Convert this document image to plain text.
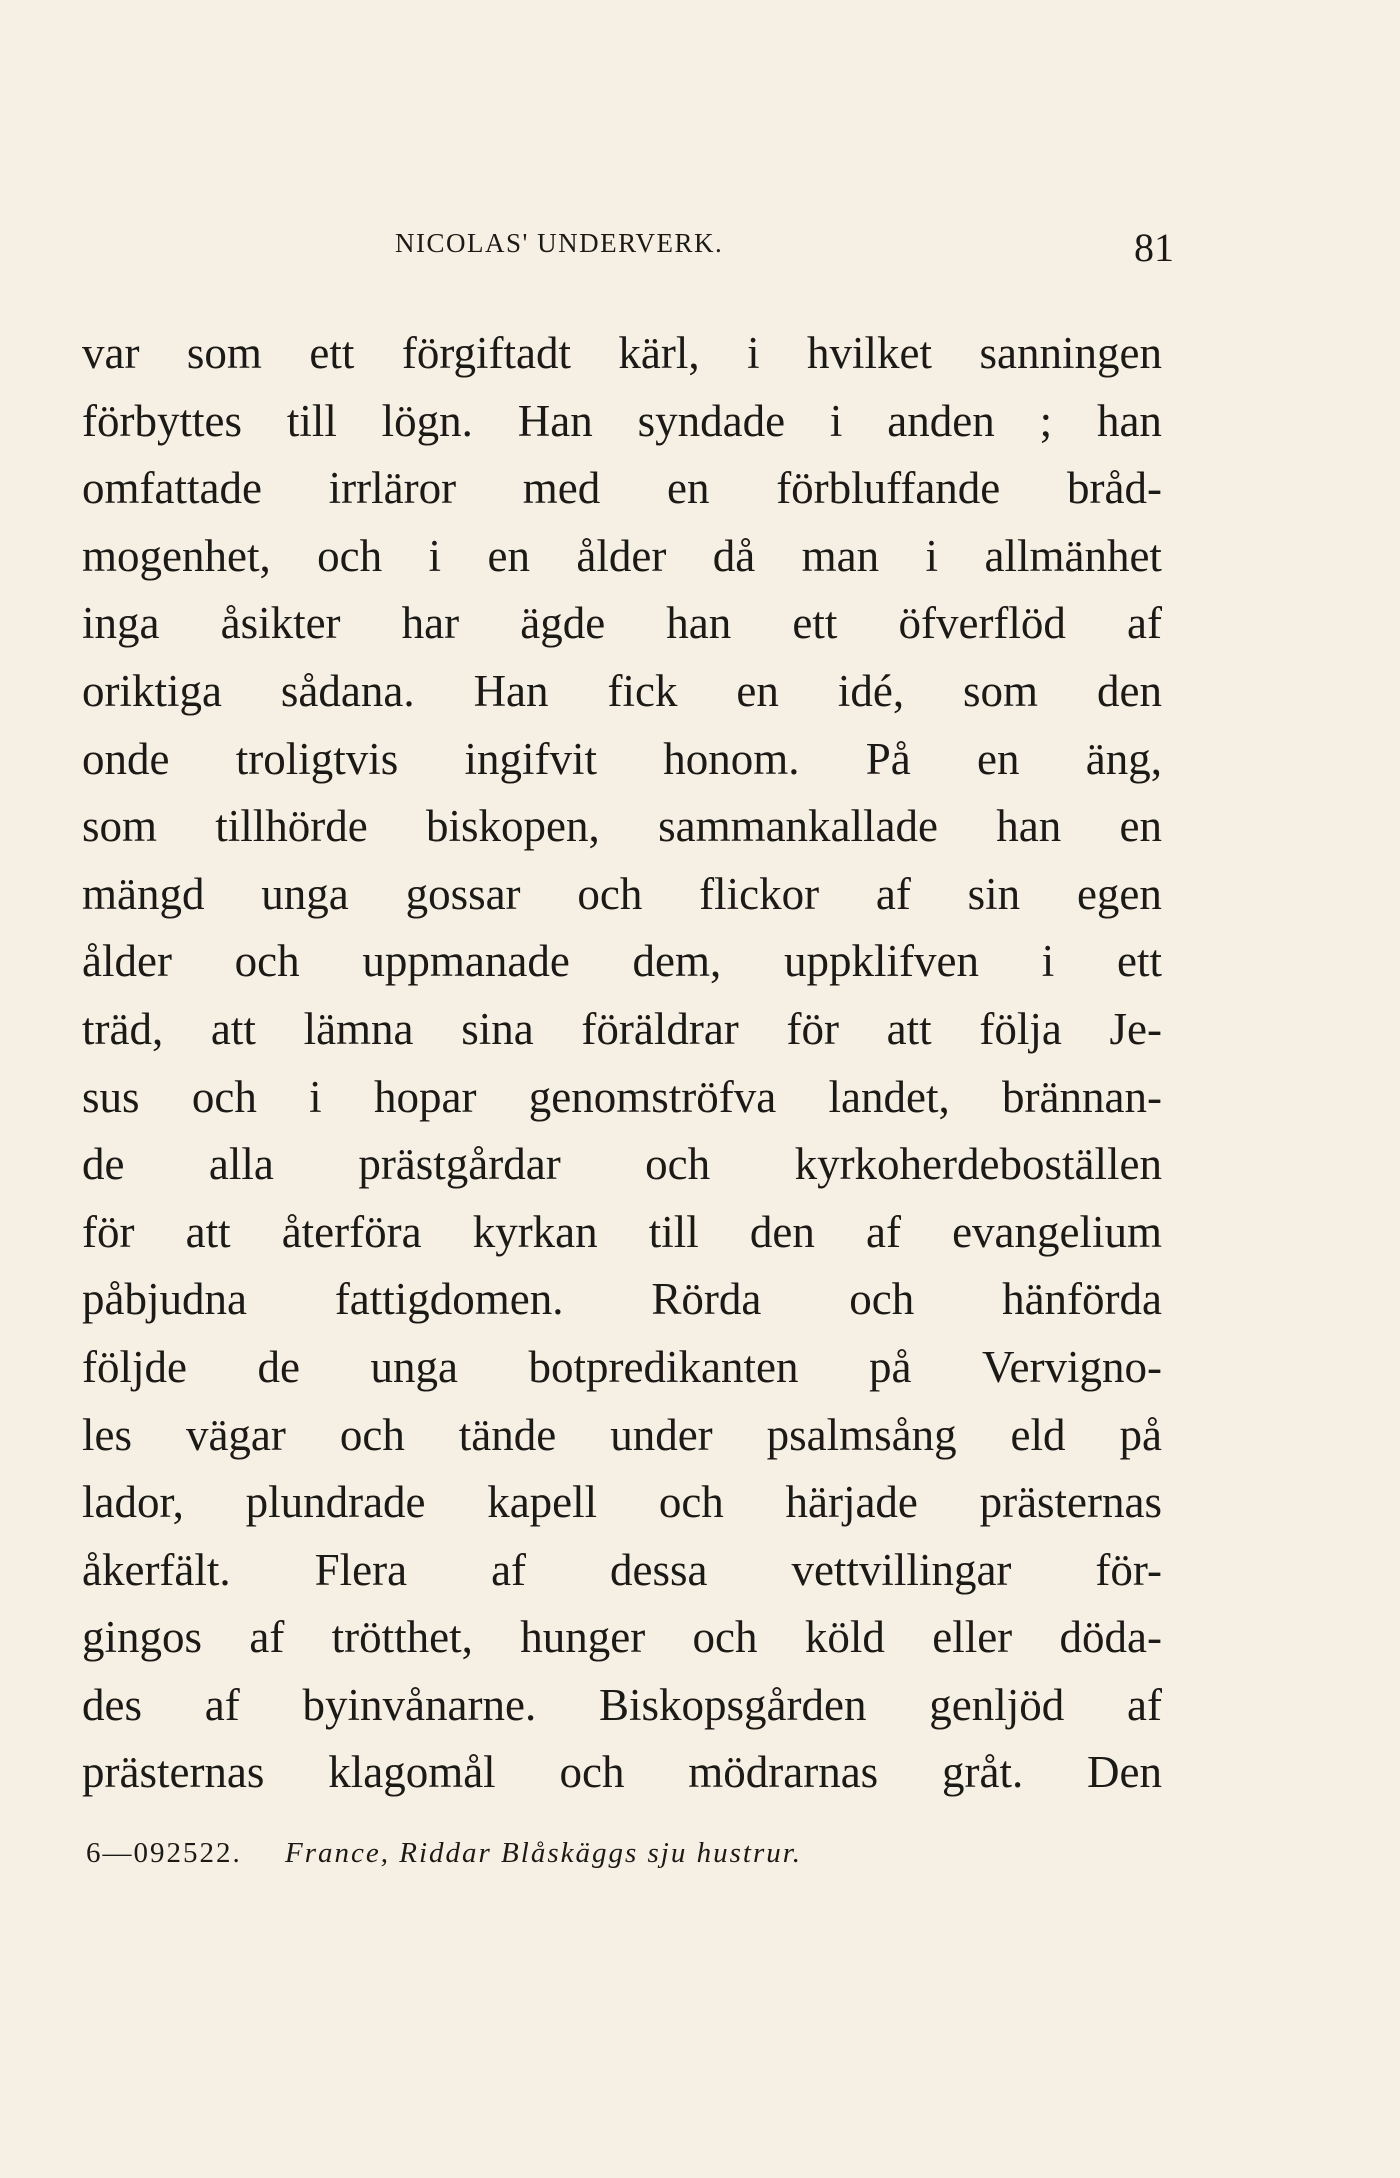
NICOLAS' UNDERVERK.	81
var som ett förgiftadt kärl, i hvilket sanningen
förbyttes till lögn. Han syndade i anden ; han
omfattade irrläror med en förbluffande bråd-
mogenhet, och i en ålder då man i allmänhet
inga åsikter har ägde han ett öfverflöd af
oriktiga sådana. Han fick en idé, som den
onde troligtvis ingifvit honom. På en äng,
som tillhörde biskopen, sammankallade han en
mängd unga gossar och flickor af sin egen
ålder och uppmanade dem, uppklifven i ett
träd, att lämna sina föräldrar för att följa Je-
sus och i hopar genomströfva landet, brännan-
de alla prästgårdar och kyrkoherdeboställen
för att återföra kyrkan till den af evangelium
påbjudna fattigdomen. Rörda och hänförda
följde de unga botpredikanten på Vervigno-
les vägar och tände under psalmsång eld på
lador, plundrade kapell och härjade prästernas
åkerfält. Flera af dessa vettvillingar för-
gingos af trötthet, hunger och köld eller döda-
des af byinvånarne. Biskopsgården genljöd af
prästernas klagomål och mödrarnas gråt. Den
6—092522. France, Riddar Blåskäggs sju hustrur.
